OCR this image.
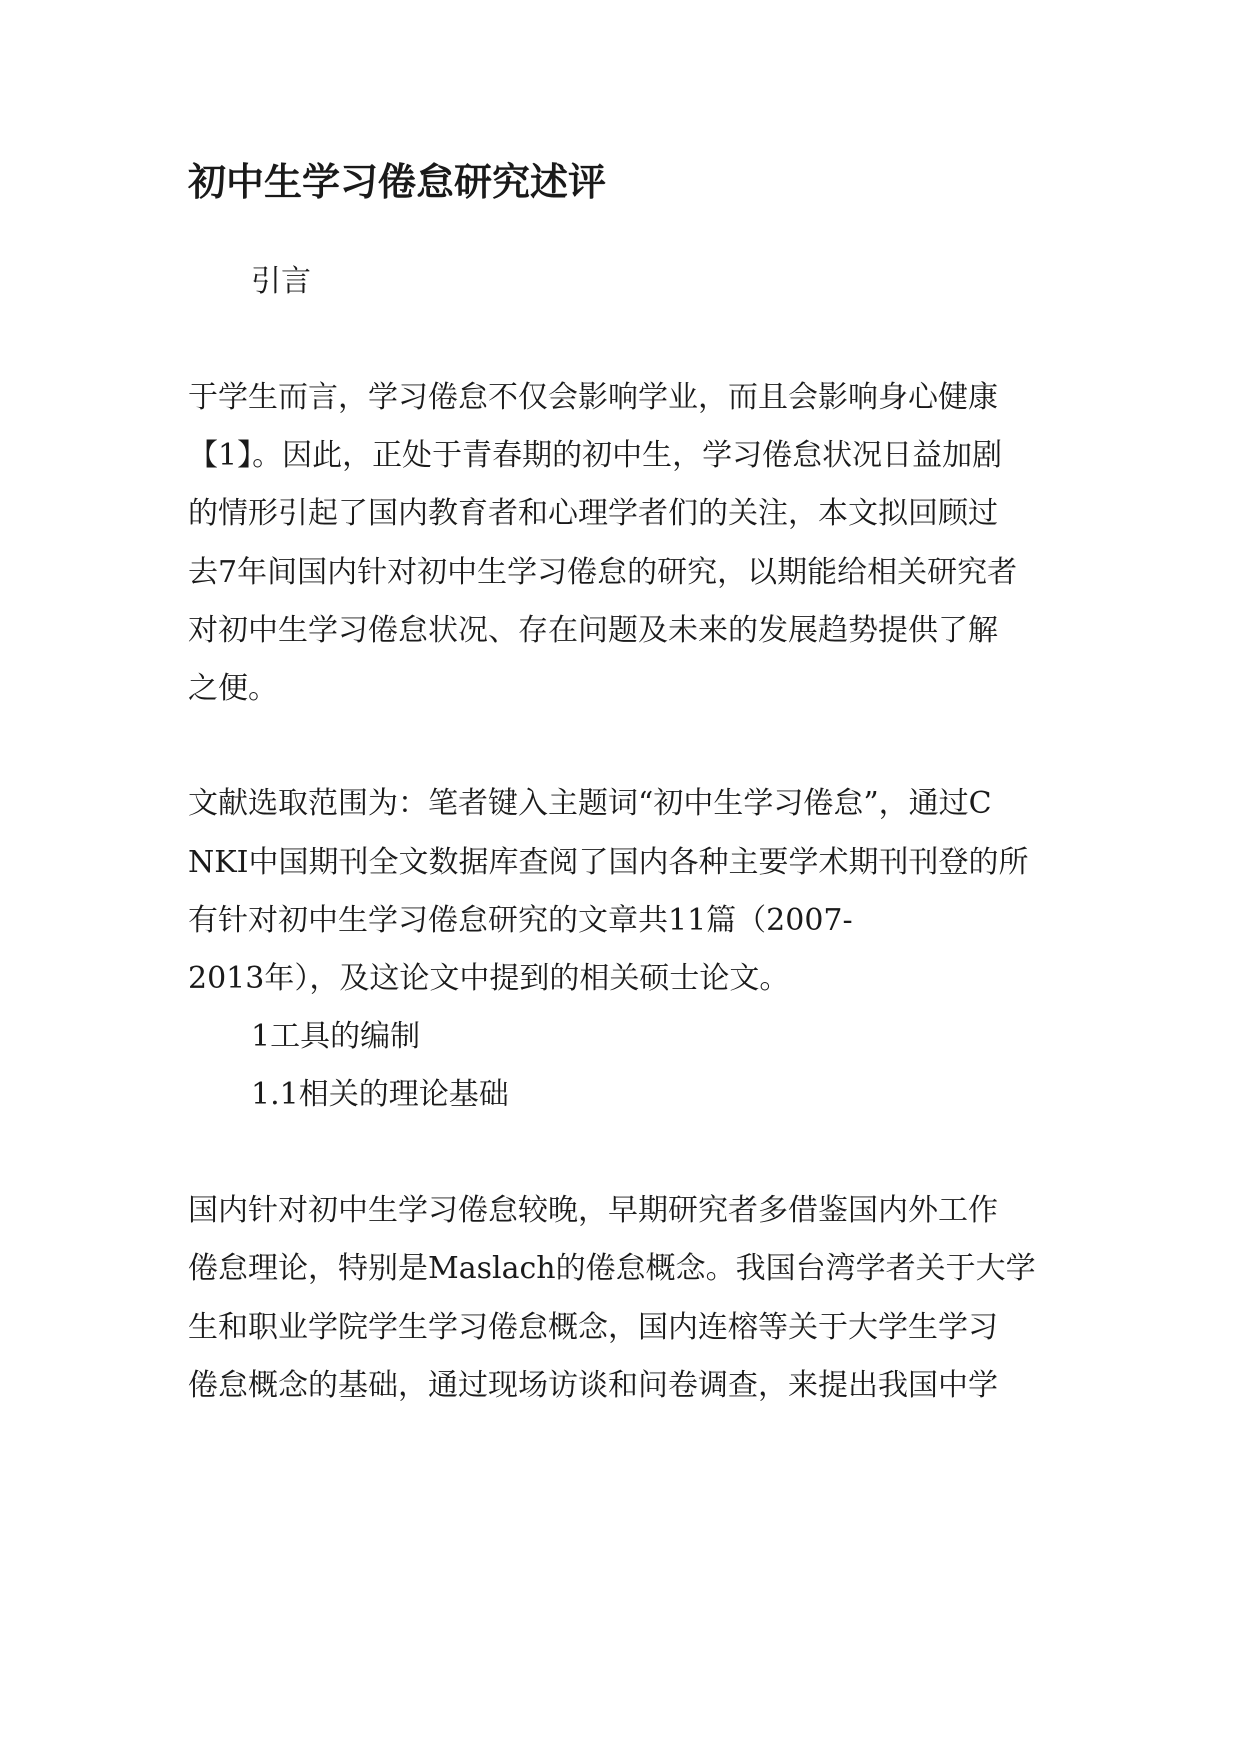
初中生学习倦怠研究述评
引言
于学生而言，学习倦怠不仅会影响学业，而且会影响身心健康
【1】。因此，正处于青春期的初中生，学习倦怠状况日益加剧
的情形引起了国内教育者和心理学者们的关注，本文拟回顾过
去7年间国内针对初中生学习倦怠的研究，以期能给相关研究者
对初中生学习倦怠状况、存在问题及未来的发展趋势提供了解
之便。
文献选取范围为：笔者键入主题词“初中生学习倦怠”，通过C
NKI中国期刊全文数据库查阅了国内各种主要学术期刊刊登的所
有针对初中生学习倦怠研究的文章共11篇（2007-
2013年），及这论文中提到的相关硕士论文。
1工具的编制
1.1相关的理论基础
国内针对初中生学习倦怠较晚，早期研究者多借鉴国内外工作
倦怠理论，特别是Maslach的倦怠概念。我国台湾学者关于大学
生和职业学院学生学习倦怠概念，国内连榕等关于大学生学习
倦怠概念的基础，通过现场访谈和问卷调查，来提出我国中学
